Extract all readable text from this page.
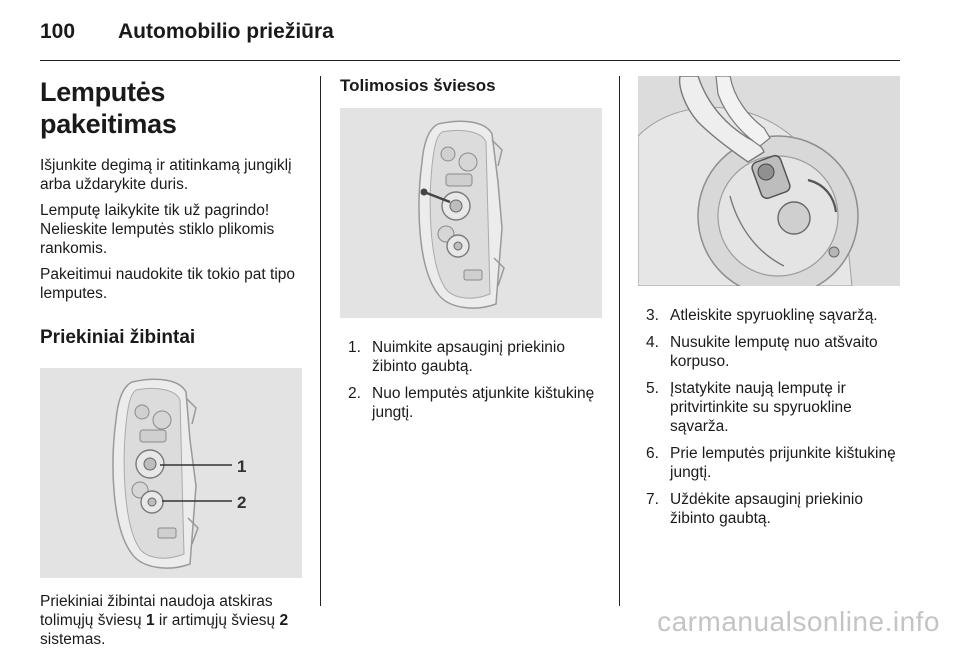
100 Automobilio priežiūra
Lemputės pakeitimas

Išjunkite degimą ir atitinkamą jungiklį arba uždarykite duris.

Lemputę laikykite tik už pagrindo! Nelieskite lemputės stiklo plikomis rankomis.

Pakeitimui naudokite tik tokio pat tipo lemputes.

Priekiniai žibintai
1
2

Priekiniai žibintai naudoja atskiras tolimųjų šviesų 1 ir artimųjų šviesų 2 sistemas.

Tolimosios šviesos
1. Nuimkite apsauginį priekinio žibinto gaubtą.
2. Nuo lemputės atjunkite kištukinę jungtį.
3. Atleiskite spyruoklinę sąvaržą.
4. Nusukite lemputę nuo atšvaito korpuso.
5. Įstatykite naują lemputę ir pritvirtinkite su spyruokline sąvarža.
6. Prie lemputės prijunkite kištukinę jungtį.
7. Uždėkite apsauginį priekinio žibinto gaubtą.
carmanualsonline.info
